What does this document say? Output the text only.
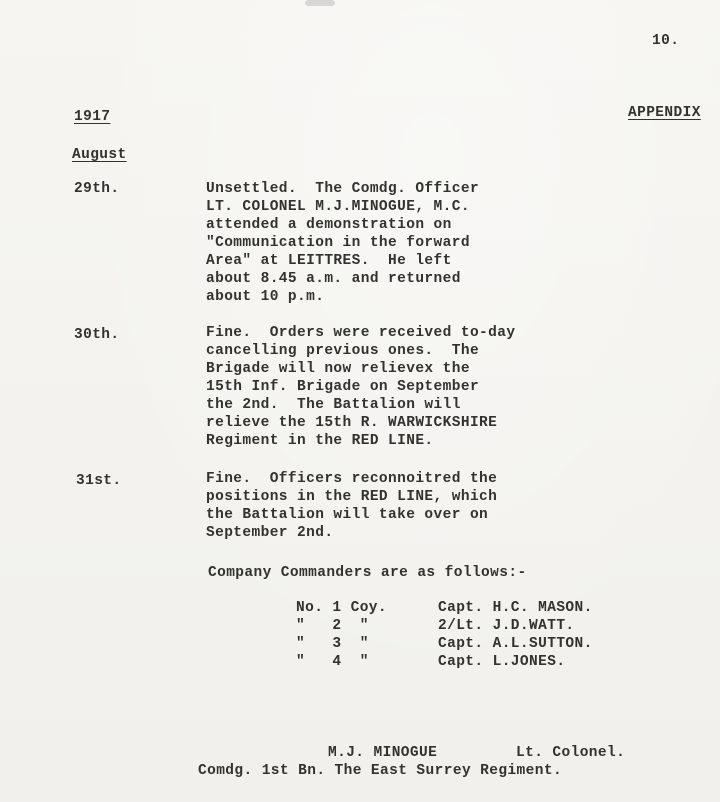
10.
1917	APPENDIX
August
29th.	Unsettled.  The Comdg. Officer
LT. COLONEL M.J.MINOGUE, M.C.
attended a demonstration on
"Communication in the forward
Area" at LEITTRES.  He left
about 8.45 a.m. and returned
about 10 p.m.
30th.	Fine.  Orders were received to-day
cancelling previous ones.  The
Brigade will now relievex the
15th Inf. Brigade on September
the 2nd.  The Battalion will
relieve the 15th R. WARWICKSHIRE
Regiment in the RED LINE.
31st.	Fine.  Officers reconnoitred the
positions in the RED LINE, which
the Battalion will take over on
September 2nd.
Company Commanders are as follows:-
No. 1 Coy.	Capt. H.C. MASON.
"   2  "	2/Lt. J.D.WATT.
"   3  "	Capt. A.L.SUTTON.
"   4  "	Capt. L.JONES.
M.J. MINOGUE	Lt. Colonel.
Comdg. 1st Bn. The East Surrey Regiment.
